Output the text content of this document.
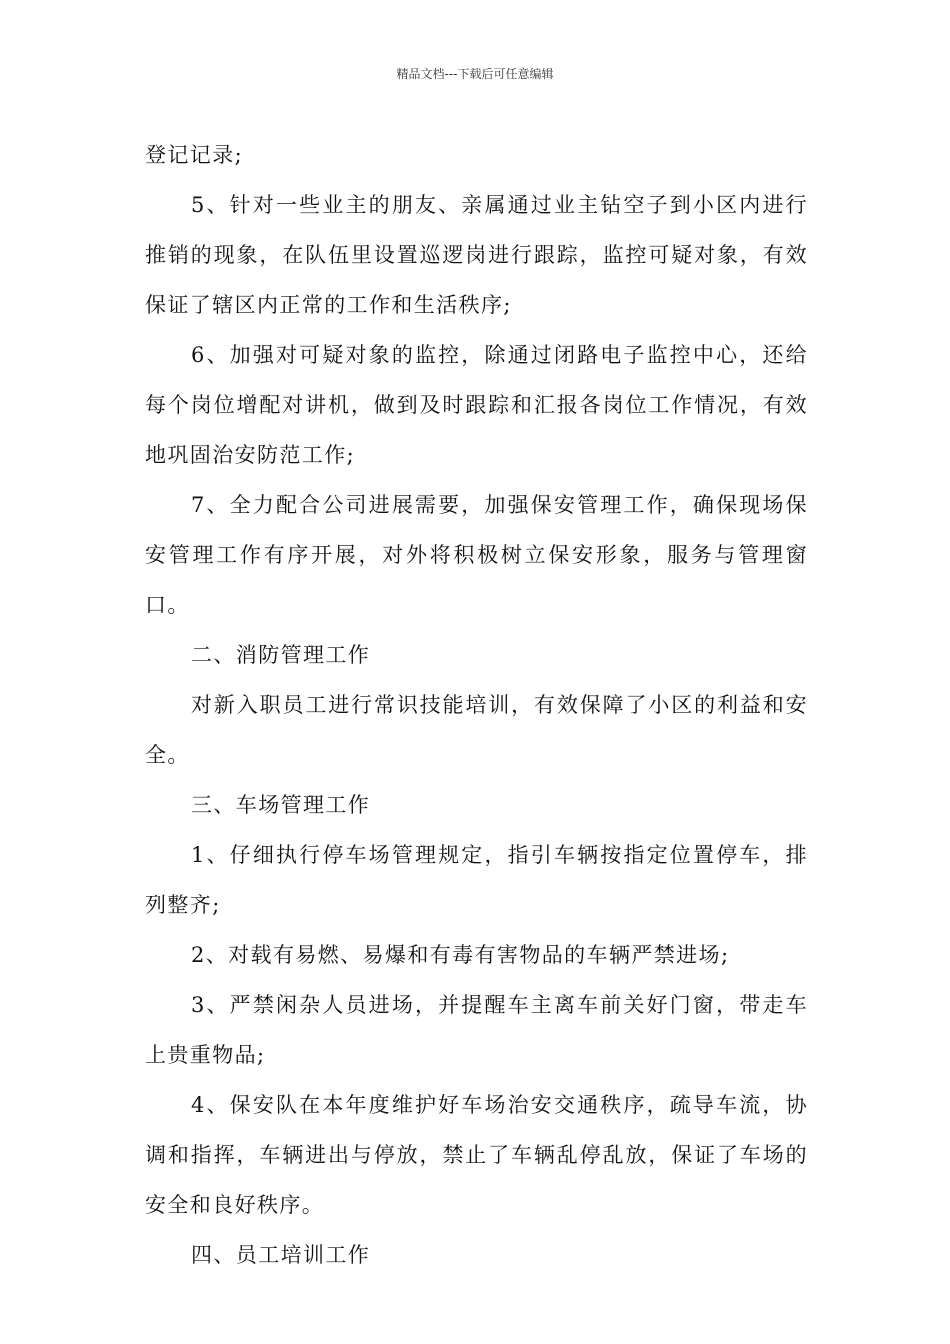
精品文档---下载后可任意编辑

登记记录;

5、针对一些业主的朋友、亲属通过业主钻空子到小区内进行推销的现象，在队伍里设置巡逻岗进行跟踪，监控可疑对象，有效保证了辖区内正常的工作和生活秩序;

6、加强对可疑对象的监控，除通过闭路电子监控中心，还给每个岗位增配对讲机，做到及时跟踪和汇报各岗位工作情况，有效地巩固治安防范工作;

7、全力配合公司进展需要，加强保安管理工作，确保现场保安管理工作有序开展，对外将积极树立保安形象，服务与管理窗口。

二、消防管理工作

对新入职员工进行常识技能培训，有效保障了小区的利益和安全。

三、车场管理工作

1、仔细执行停车场管理规定，指引车辆按指定位置停车，排列整齐;

2、对载有易燃、易爆和有毒有害物品的车辆严禁进场;

3、严禁闲杂人员进场，并提醒车主离车前关好门窗，带走车上贵重物品;

4、保安队在本年度维护好车场治安交通秩序，疏导车流，协调和指挥，车辆进出与停放，禁止了车辆乱停乱放，保证了车场的安全和良好秩序。

四、员工培训工作
